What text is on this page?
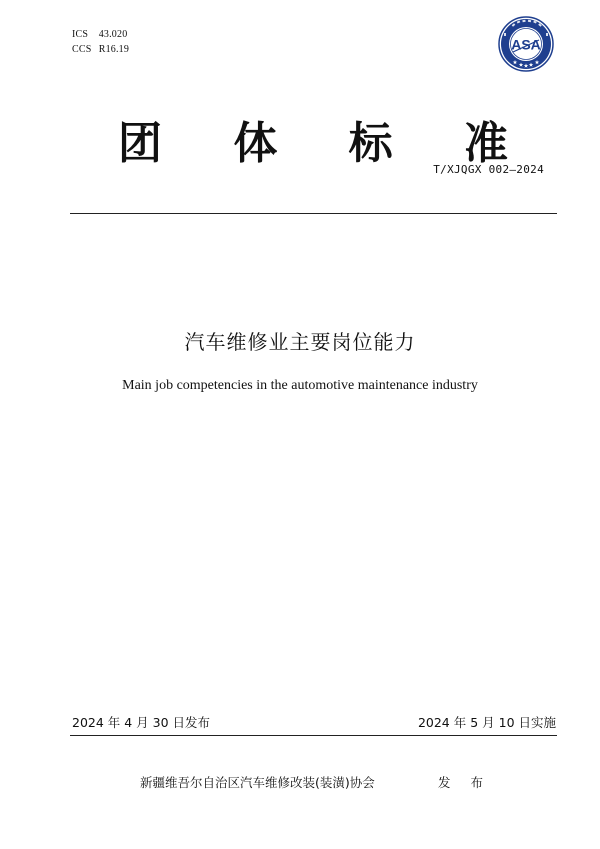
ICS 43.020
CCS R16.19	ASA
团 体 标 准
T/XJQGX 002—2024
汽车维修业主要岗位能力
Main job competencies in the automotive maintenance industry
2024 年 4 月 30 日发布	2024 年 5 月 10 日实施
新疆维吾尔自治区汽车维修改装(装潢)协会	发 布
